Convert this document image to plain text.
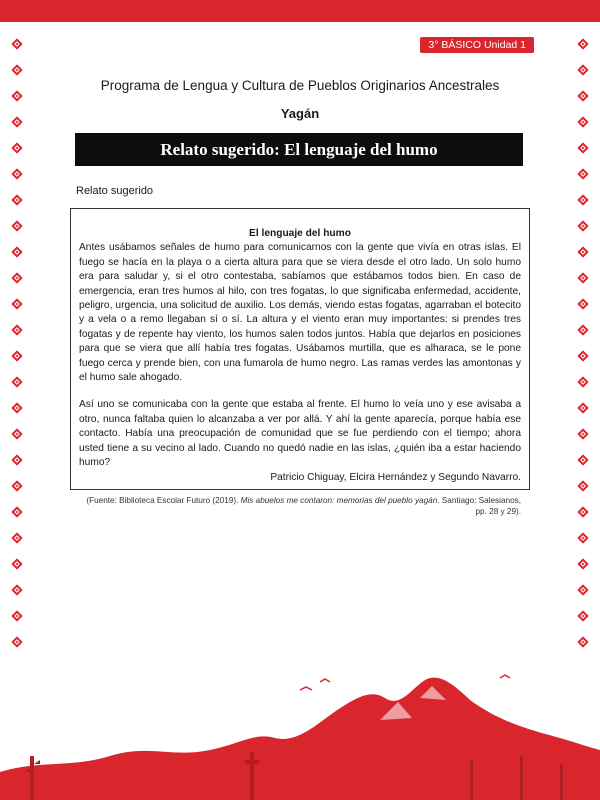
3° BÁSICO Unidad 1
Programa de Lengua y Cultura de Pueblos Originarios Ancestrales
Yagán
Relato sugerido: El lenguaje del humo
Relato sugerido
El lenguaje del humo

Antes usábamos señales de humo para comunicarnos con la gente que vivía en otras islas. El fuego se hacía en la playa o a cierta altura para que se viera desde el otro lado. Un solo humo era para saludar y, si el otro contestaba, sabíamos que estábamos todos bien. En caso de emergencia, eran tres humos al hilo, con tres fogatas, lo que significaba enfermedad, accidente, peligro, urgencia, una solicitud de auxilio. Los demás, viendo estas fogatas, agarraban el botecito y a vela o a remo llegaban sí o sí. La altura y el viento eran muy importantes: si prendes tres fogatas y de repente hay viento, los humos salen todos juntos. Había que dejarlos en posiciones para que se viera que allí había tres fogatas. Usábamos murtilla, que es alharaca, se le pone fuego cerca y prende bien, con una fumarola de humo negro. Las ramas verdes las amontonas y el humo sale ahogado.

Así uno se comunicaba con la gente que estaba al frente. El humo lo veía uno y ese avisaba a otro, nunca faltaba quien lo alcanzaba a ver por allá. Y ahí la gente aparecía, porque había ese contacto. Había una preocupación de comunidad que se fue perdiendo con el tiempo; ahora usted tiene a su vecino al lado. Cuando no quedó nadie en las islas, ¿quién iba a estar haciendo humo?

Patricio Chiguay, Elcira Hernández y Segundo Navarro.

(Fuente: Biblioteca Escolar Futuro (2019). Mis abuelos me contaron: memorias del pueblo yagán. Santiago: Salesianos, pp. 28 y 29).
